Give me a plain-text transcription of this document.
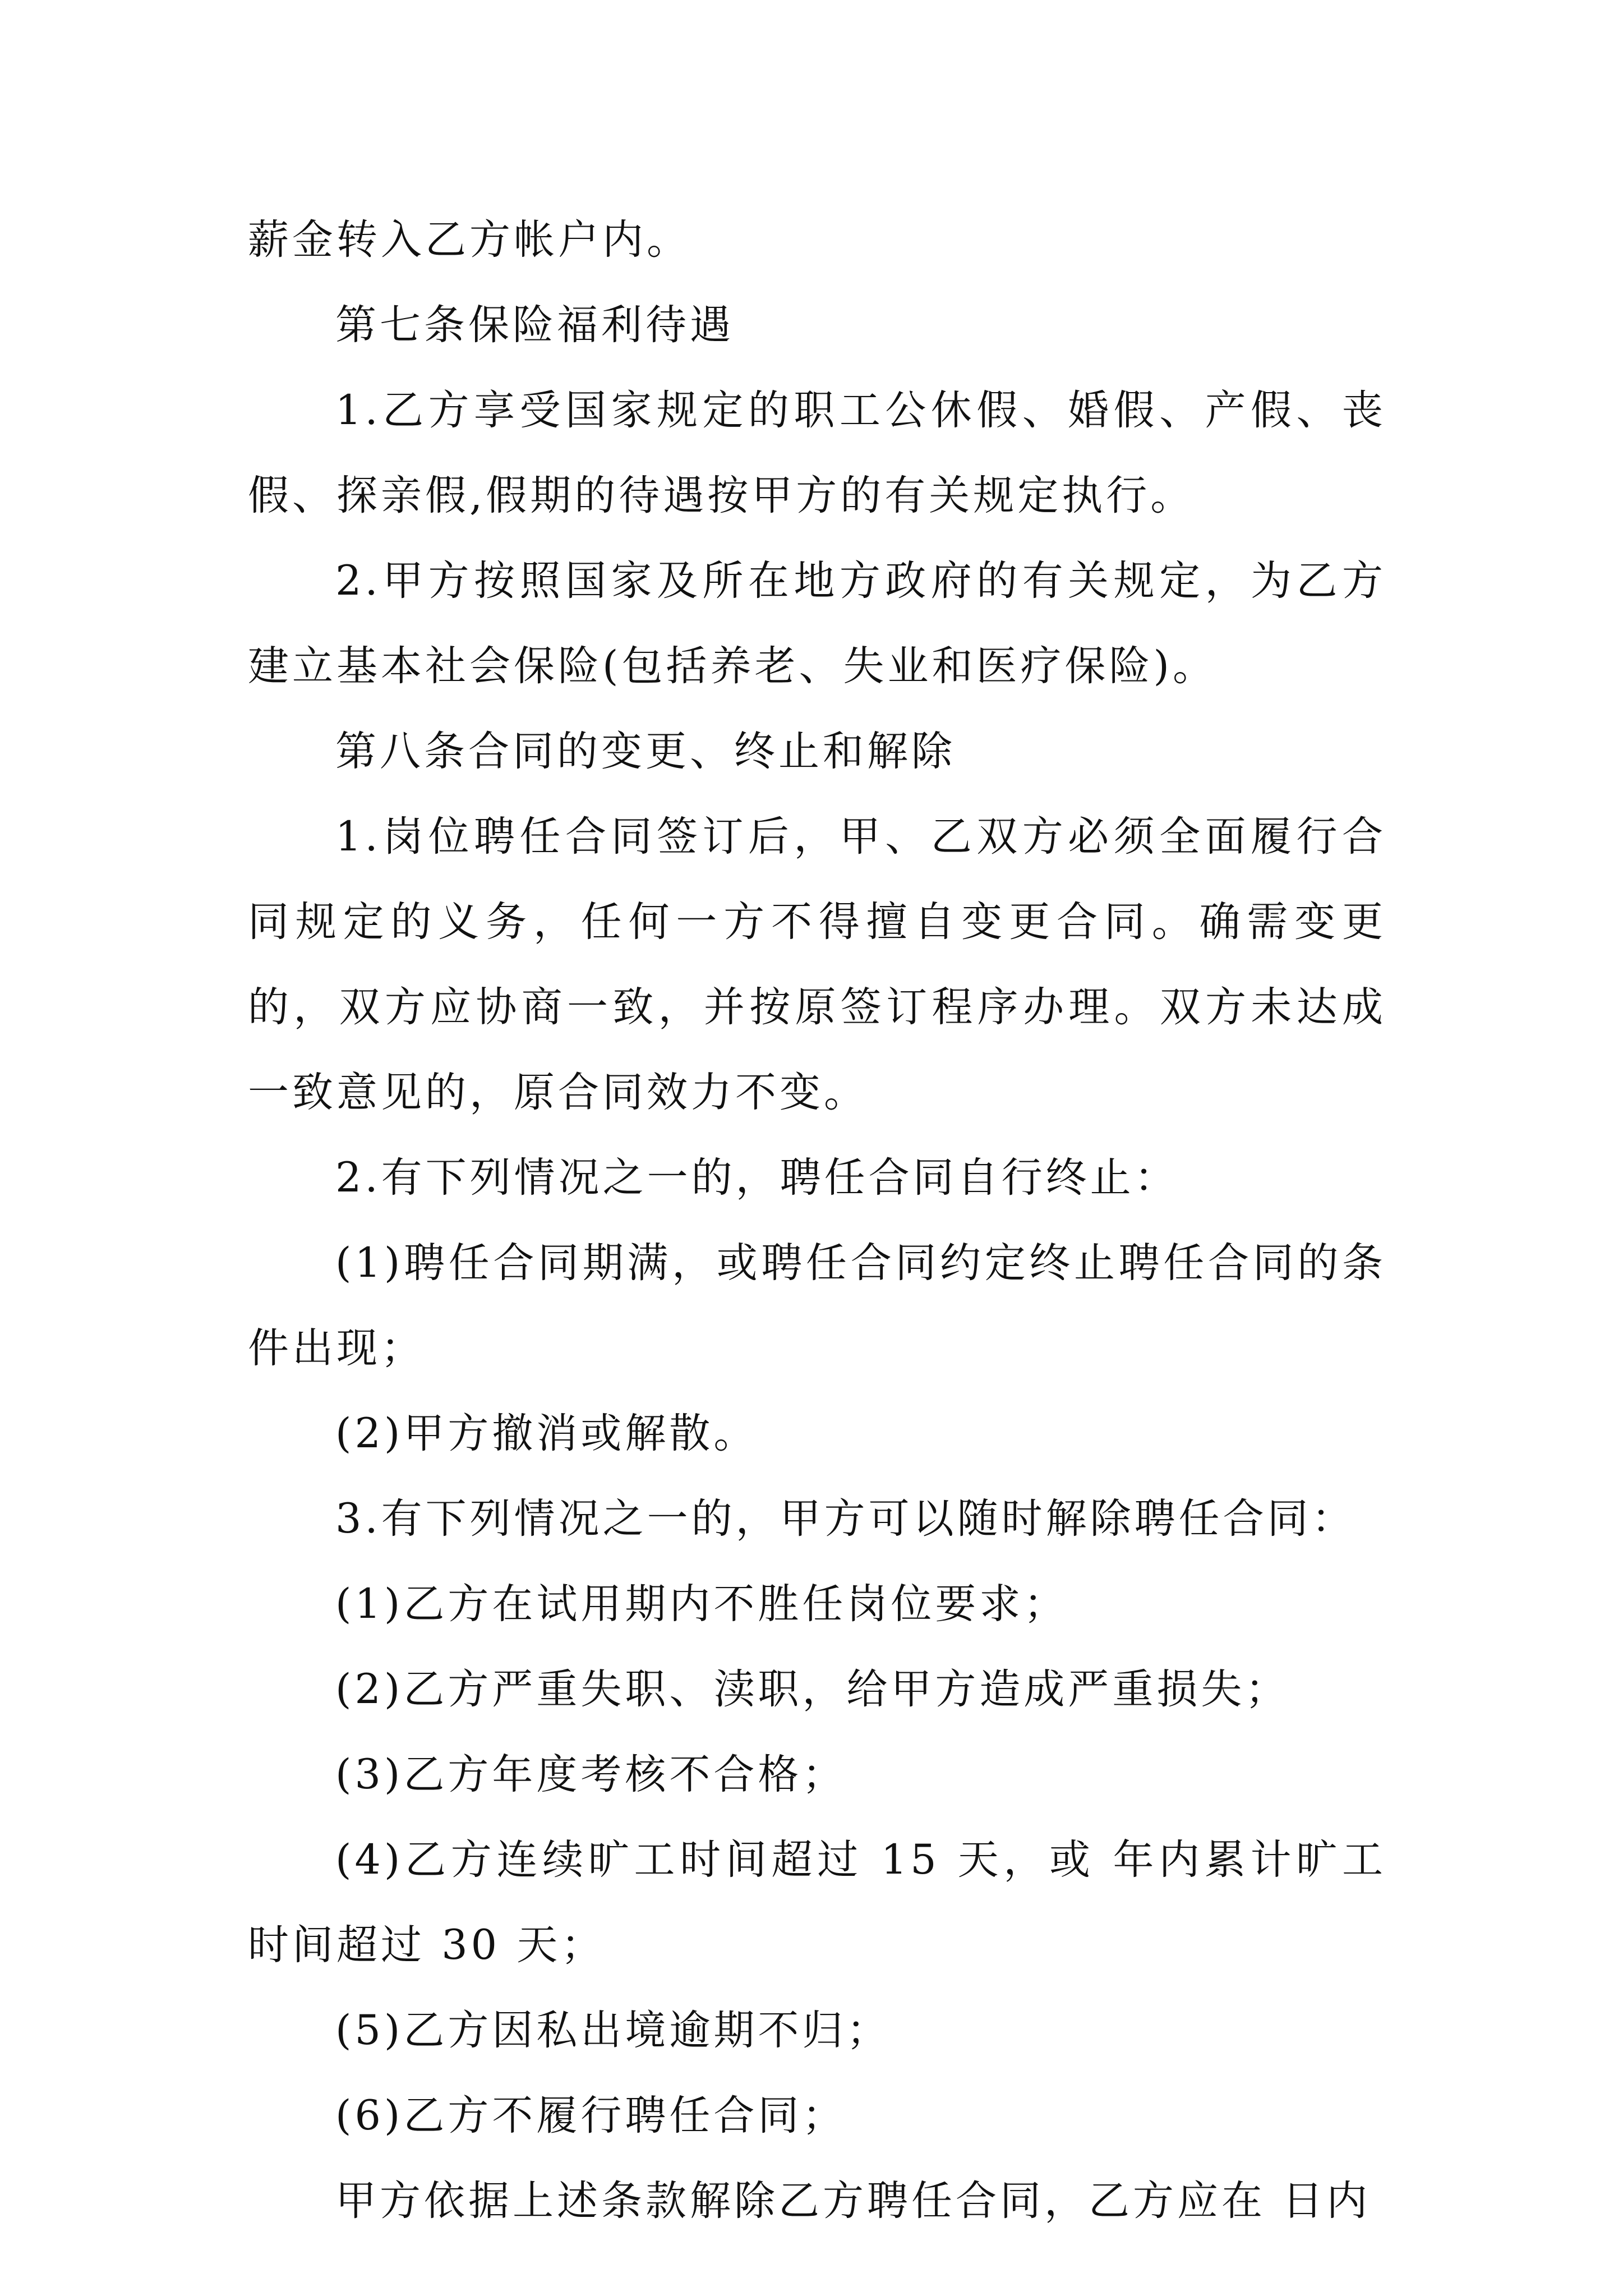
薪金转入乙方帐户内。

第七条保险福利待遇

1.乙方享受国家规定的职工公休假、婚假、产假、丧假、探亲假,假期的待遇按甲方的有关规定执行。

2.甲方按照国家及所在地方政府的有关规定，为乙方建立基本社会保险(包括养老、失业和医疗保险)。

第八条合同的变更、终止和解除

1.岗位聘任合同签订后，甲、乙双方必须全面履行合同规定的义务，任何一方不得擅自变更合同。确需变更的，双方应协商一致，并按原签订程序办理。双方未达成一致意见的，原合同效力不变。

2.有下列情况之一的，聘任合同自行终止：

(1)聘任合同期满，或聘任合同约定终止聘任合同的条件出现；

(2)甲方撤消或解散。

3.有下列情况之一的，甲方可以随时解除聘任合同：

(1)乙方在试用期内不胜任岗位要求；

(2)乙方严重失职、渎职，给甲方造成严重损失；

(3)乙方年度考核不合格；

(4)乙方连续旷工时间超过 15 天，或 年内累计旷工时间超过 30 天；

(5)乙方因私出境逾期不归；

(6)乙方不履行聘任合同；

甲方依据上述条款解除乙方聘任合同，乙方应在 日内
